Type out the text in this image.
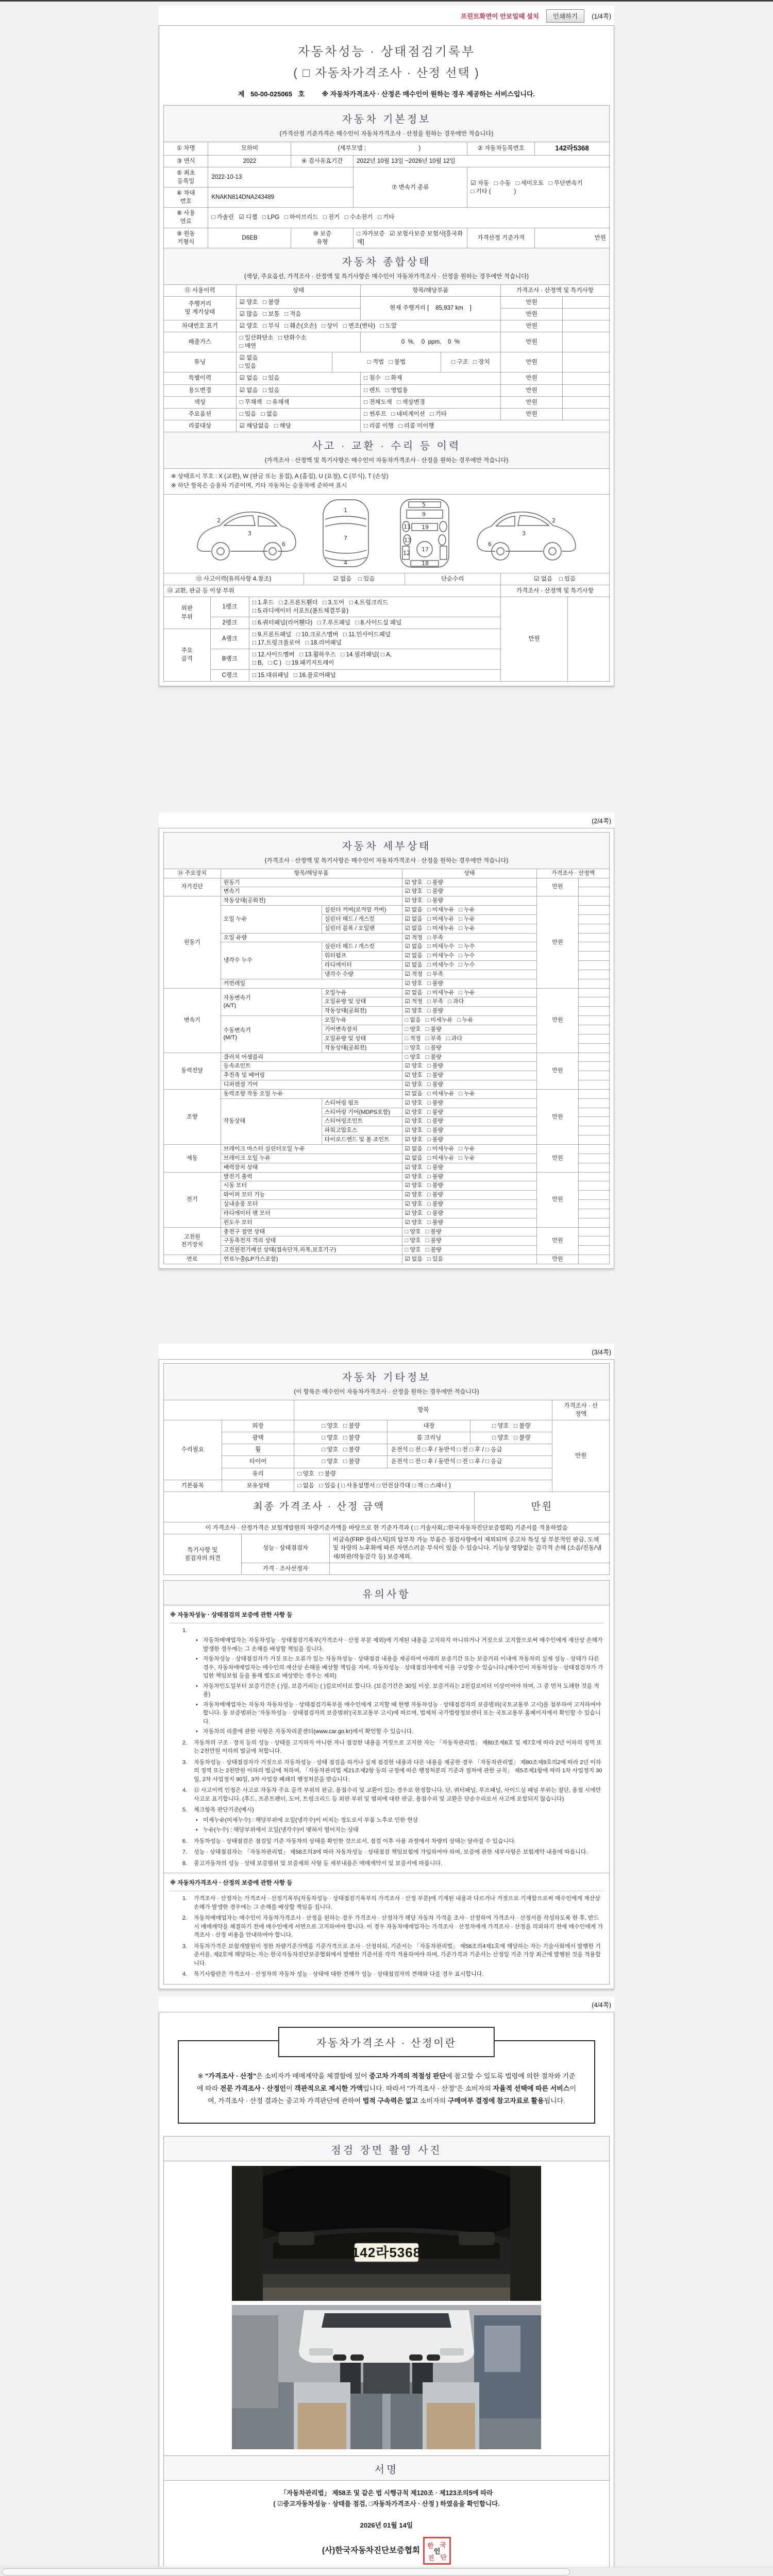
프린트화면이 안보일때 설치	인쇄하기	(1/4쪽)
자동차성능 · 상태점검기록부
( □ 자동차가격조사 · 산정 선택 )
제 50-00-025065 호	※ 자동차가격조사 · 산정은 매수인이 원하는 경우 제공하는 서비스입니다.
자동차 기본정보
(가격산정 기준가격은 매수인이 자동차가격조사 · 산정을 원하는 경우에만 적습니다)
① 차명	모하비	(세부모델 :                                )		② 자동차등록번호	142라5368
③ 연식	2022	④ 검사유효기간	2022년 10월 13일 ~2026년 10월 12일		
⑤ 최초
등록일	2022-10-13		⑦ 변속기 종류	☑ 자동   □ 수동   □ 세미오토   □ 무단변속기
□ 기타 (              )	
⑥ 차대
번호	KNAKN814DNA243489				
⑧ 사용
연료	□ 가솔린   ☑ 디젤   □ LPG   □ 하이브리드   □ 전기   □ 수소전기   □ 기타				
⑨ 원동
기형식	D6EB	⑩ 보증
유형	□ 자가보증   ☑ 보험사보증 보험사[흥국화재]	가격산정 기준가격	만원
자동차 종합상태
(색상, 주요옵션, 가격조사 · 산정액 및 특기사항은 매수인이 자동차가격조사 · 산정을 원하는 경우에만 적습니다)
⑪ 사용이력	상태		항목/해당부품		가격조사 · 산정액 및 특기사항	
주행거리
및 계기상태	☑ 양호   □ 불량		현재 주행거리 [    85,937 km    ]		만원	
	☑ 많음   □ 보통   □ 적음				만원	
차대번호 표기	☑ 양호   □ 부식   □ 훼손(오손)   □ 상이   □ 변조(변타)   □ 도말				만원	
배출가스	□ 일산화탄소   □ 탄화수소
□ 매연		0  %,    0  ppm,    0  %		만원	
튜닝	☑ 없음
□ 있음	□ 적법   □ 불법		□ 구조   □ 장치	만원	
특별이력	☑ 없음   □ 있음		□ 침수   □ 화재		만원	
용도변경	☑ 없음   □ 있음		□ 렌트   □ 영업용		만원	
색상	□ 무채색   □ 유채색		□ 전체도색   □ 색상변경		만원	
주요옵션	□ 있음   □ 없음		□ 썬루프   □ 네비게이션   □ 기타		만원	
리콜대상	☑ 해당없음   □ 해당		□ 리콜 이행   □ 리콜 미이행			
사고 · 교환 · 수리 등 이력
(가격조사 · 산정액 및 특기사항은 매수인이 자동차가격조사 · 산정을 원하는 경우에만 적습니다)
※ 상태표시 부호 : X (교환), W (판금 또는 용접), A (흠집), U (요철), C (부식), T (손상)
※ 하단 항목은 승용차 기준이며, 기타 자동차는 승용차에 준하여 표시
2
3
6
1
7
4
5
9
11 19
13
12
17
18
2
3
6
⑫ 사고이력(유의사항 4.참조)			☑ 없음    □ 있음	단순수리	☑ 없음    □ 있음	
⑬ 교환, 판금 등 이상 부위					가격조사 · 산정액 및 특기사항	
외판
부위	1랭크	□ 1.후드   □ 2.프론트휀더   □ 3.도어   □ 4.트렁크리드
□ 5.라디에이터 서포트(볼트체결부품)			만원	
	2랭크	□ 6.쿼터패널(리어휀다)   □ 7.루프패널   □ 8.사이드실 패널				
주요
골격	A랭크	□ 9.프론트패널   □ 10.크로스멤버   □ 11.인사이드패널
□ 17.트렁크플로어   □ 18.리어패널				
	B랭크	□ 12.사이드멤버   □ 13.휠하우스   □ 14.필러패널( □ A,
□ B,   □ C )   □ 19.패키지트레이				
	C랭크	□ 15.대쉬패널   □ 16.플로어패널				
(2/4쪽)
자동차 세부상태
(가격조사 · 산정액 및 특기사항은 매수인이 자동차가격조사 · 산정을 원하는 경우에만 적습니다)
⑭ 주요장치	항목/해당부품		상태	가격조사 · 산정액	
자기진단	원동기		☑ 양호   □ 불량	만원	
	변속기		☑ 양호   □ 불량		
원동기	작동상태(공회전)		☑ 양호   □ 불량	만원	
	오일 누유	실린더 커버(로커암 커버)	☑ 없음   □ 미세누유   □ 누유		
		실린더 헤드 / 개스킷	☑ 없음   □ 미세누유   □ 누유		
		실린더 블록 / 오일팬	☑ 없음   □ 미세누유   □ 누유		
	오일 유량		☑ 적정   □ 부족		
	냉각수 누수	실린더 헤드 / 개스킷	☑ 없음   □ 미세누수   □ 누수		
		워터펌프	☑ 없음   □ 미세누수   □ 누수		
		라디에이터	☑ 없음   □ 미세누수   □ 누수		
		냉각수 수량	☑ 적정   □ 부족		
	커먼레일		☑ 양호   □ 불량		
변속기	자동변속기
(A/T)	오일누유	☑ 없음   □ 미세누유   □ 누유	만원	
		오일유량 및 상태	☑ 적정   □ 부족   □ 과다		
		작동상태(공회전)	☑ 양호   □ 불량		
	수동변속기
(M/T)	오일누유	□ 없음   □ 미세누유   □ 누유		
		기어변속장치	□ 양호   □ 불량		
		오일유량 및 상태	□ 적정   □ 부족   □ 과다		
		작동상태(공회전)	□ 양호   □ 불량		
동력전달	클러치 어셈블리		□ 양호   □ 불량	만원	
	등속죠인트		☑ 양호   □ 불량		
	추진축 및 베어링		☑ 양호   □ 불량		
	디퍼렌셜 기어		☑ 양호   □ 불량		
조향	동력조향 작동 오일 누유		☑ 없음   □ 미세누유   □ 누유	만원	
	작동상태	스티어링 펌프	☑ 양호   □ 불량		
		스티어링 기어(MDPS포함)	☑ 양호   □ 불량		
		스티어링조인트	☑ 양호   □ 불량		
		파워고압호스	☑ 양호   □ 불량		
		타이로드엔드 및 볼 죠인트	☑ 양호   □ 불량		
제동	브레이크 마스터 실린더오일 누유		☑ 없음   □ 미세누유   □ 누유	만원	
	브레이크 오일 누유		☑ 없음   □ 미세누유   □ 누유		
	배력장치 상태		☑ 양호   □ 불량		
전기	발전기 출력		☑ 양호   □ 불량	만원	
	시동 모터		☑ 양호   □ 불량		
	와이퍼 모터 기능		☑ 양호   □ 불량		
	실내송풍 모터		☑ 양호   □ 불량		
	라디에이터 팬 모터		☑ 양호   □ 불량		
	윈도우 모터		☑ 양호   □ 불량		
고전원
전기장치	충전구 절연 상태		□ 양호   □ 불량	만원	
	구동축전지 격리 상태		□ 양호   □ 불량		
	고전원전기배선 상태(접속단자,피복,보호기구)		□ 양호   □ 불량		
연료	연료누출(LP가스포함)		☑ 없음   □ 있음	만원	
(3/4쪽)
자동차 기타정보
(이 항목은 매수인이 자동차가격조사 · 산정을 원하는 경우에만 적습니다)
		항목			가격조사 · 산
정액
수리필요	외장	□ 양호   □ 불량	내장	□ 양호   □ 불량	만원
	광택	□ 양호   □ 불량	룸 크리닝	□ 양호   □ 불량	
	휠	□ 양호   □ 불량	운전석 □ 전 □ 후 / 동반석 □ 전 □ 후 / □ 응급		
	타이어	□ 양호   □ 불량	운전석 □ 전 □ 후 / 동반석 □ 전 □ 후 / □ 응급		
	유리	□ 양호   □ 불량			
기본품목	보유상태	□ 없음   □ 있음 ( □ 사용설명서 □ 안전삼각대 □ 잭 □ 스패너 )			
최종 가격조사 · 산정 금액	만원
이 가격조사 · 산정가격은 보험개발원의 차량기준가액을 바탕으로 한 기준가격과 ( □ 기술사회,□한국자동차진단보증협회) 기준서를 적용하였음
특기사항 및
점검자의 의견	성능 · 상태점검자	비금속(FRP 플라스틱)의 탈부착 가능 부품은 점검사항에서 제외되며 중고차 특성 상 부분적인 판금, 도색 및 차량의 노후화에 따른 자연스러운 부식이 있을 수 있습니다. 기능상 영향없는 감각적 손해 (소음/진동/냄새/외관/작동감각 등) 보증제외.
	가격 · 조사산정자	
유의사항
※ 자동차성능 · 상태점검의 보증에 관한 사항 등
1.
• 자동차매매업자는 자동차성능 · 상태점검기록부(가격조사 · 산정 부분 제외)에 기재된 내용을 고지하지 아니하거나 거짓으로 고지함으로써 매수인에게 재산상 손해가 발생한 경우에는 그 손해를 배상할 책임을 집니다.
• 자동차성능 · 상태점검자가 거짓 또는 오류가 있는 자동차성능 · 상태점검 내용을 제공하여 아래의 보증기간 또는 보증거리 이내에 자동차의 실제 성능 · 상태가 다른 경우, 자동차매매업자는 매수인의 재산상 손해를 배상할 책임을 지며, 자동차성능 · 상태점검자에게 이를 구상할 수 있습니다.(매수인이 자동차성능 · 상태점검자가 가입한 책임보험 등을 통해 별도로 배상받는 경우는 제외)
• 자동차인도일부터 보증기간은 ( )일, 보증거리는 ( )킬로미터로 합니다. (보증기간은 30일 이상, 보증거리는 2천킬로미터 이상이어야 하며, 그 중 먼저 도래한 것을 적용)
• 자동차매매업자는 자동차 자동차성능 · 상태점검기록부를 매수인에게 고지할 때 현행 자동차성능 · 상태점검자의 보증범위(국토교통부 고시)를 첨부하여 고지하여야 합니다. 동 보증범위는 '자동차성능 · 상태점검자의 보증범위'(국토교통부 고시)에 따르며, 법제처 국가법령정보센터 또는 국토교통부 홈페이지에서 확인할 수 있습니다.
• 자동차의 리콜에 관한 사항은 자동차리콜센터(www.car.go.kr)에서 확인할 수 있습니다.
2.	자동차의 구조 · 장치 등의 성능 · 상태를 고지하지 아니한 자나 점검한 내용을 거짓으로 고지한 자는 「자동차관리법」 제80조제6호 및 제7호에 따라 2년 이하의 징역 또는 2천만원 이하의 벌금에 처합니다.
3.	자동차성능 · 상태점검자가 거짓으로 자동차성능 · 상태 점검을 하거나 실제 점검한 내용과 다른 내용을 제공한 경우 「자동차관리법」 제80조제9호의2에 따라 2년 이하의 징역 또는 2천만원 이하의 벌금에 처하며, 「자동차관리법 제21조제2항 등의 규정에 따른 행정처분의 기준과 절차에 관한 규칙」 제5조제1항에 따라 1차 사업정지 30일, 2차 사업정지 90일, 3차 사업장 폐쇄의 행정처분을 받습니다.
4.	⑫ 사고이력 인정은 사고로 자동차 주요 골격 부위의 판금, 용접수리 및 교환이 있는 경우로 한정합니다. 단, 쿼터패널, 루프패널, 사이드실 패널 부위는 절단, 용접 시에만 사고로 표기합니다. (후드, 프론트펜더, 도어, 트렁크리드 등 외판 부위 및 범퍼에 대한 판금, 용접수리 및 교환은 단순수리로서 사고에 포함되지 않습니다)
5.	체크항목 판단기준(예시)
• 미세누유(미세누수) : 해당부위에 오일(냉각수)이 비치는 정도로서 부품 노후로 인한 현상
• 누유(누수) : 해당부위에서 오일(냉각수)이 맺혀서 떨어지는 상태
6.	자동차성능 · 상태점검은 점검일 기준 자동차의 상태를 확인한 것으로서, 점검 이후 사용 과정에서 차량의 상태는 달라질 수 있습니다.
7.	성능 · 상태점검자는 「자동차관리법」 제58조의3에 따라 자동차성능 · 상태점검 책임보험에 가입하여야 하며, 보증에 관한 세부사항은 보험계약 내용에 따릅니다.
8.	중고자동차의 성능 · 상태 보증범위 및 보증제외 사항 등 세부내용은 매매계약서 및 보증서에 따릅니다.
※ 자동차가격조사 · 산정의 보증에 관한 사항 등
1.	가격조사 · 산정자는 가격조사 · 산정기록부(자동차성능 · 상태점검기록부의 가격조사 · 산정 부분)에 기재된 내용과 다르거나 거짓으로 기재함으로써 매수인에게 재산상 손해가 발생한 경우에는 그 손해를 배상할 책임을 집니다.
2.	자동차매매업자는 매수인이 자동차가격조사 · 산정을 원하는 경우 가격조사 · 산정자가 해당 자동차 가격을 조사 · 산정하여 가격조사 · 산정서를 작성하도록 한 후, 반드시 매매계약을 체결하기 전에 매수인에게 서면으로 고지하여야 합니다. 이 경우 자동차매매업자는 가격조사 · 산정자에게 가격조사 · 산정을 의뢰하기 전에 매수인에게 가격조사 · 산정 비용을 안내하여야 합니다.
3.	자동차가격은 보험개발원이 정한 차량기준가액을 기준가격으로 조사 · 산정하되, 기준서는 「자동차관리법」 제58조의4제1호에 해당하는 자는 기술사회에서 발행한 기준서를, 제2호에 해당하는 자는 한국자동차진단보증협회에서 발행한 기준서를 각각 적용하여야 하며, 기준가격과 기준서는 산정일 기준 가장 최근에 발행된 것을 적용합니다.
4.	특기사항란은 가격조사 · 산정자의 자동차 성능 · 상태에 대한 견해가 성능 · 상태점검자의 견해와 다를 경우 표시합니다.
(4/4쪽)
자동차가격조사 · 산정이란
※ "가격조사 · 산정"은 소비자가 매매계약을 체결함에 있어 중고차 가격의 적절성 판단에 참고할 수 있도록 법령에 의한 절차와 기준에 따라 전문 가격조사 · 산정인이 객관적으로 제시한 가액입니다. 따라서 "가격조사 · 산정"은 소비자의 자율적 선택에 따른 서비스이며, 가격조사 · 산정 결과는 중고차 가격판단에 관하여 법적 구속력은 없고 소비자의 구매여부 결정에 참고자료로 활용됩니다.
점검 장면 촬영 사진
142라5368
서명
「자동차관리법」 제58조 및 같은 법 시행규칙 제120조 · 제123조의5에 따라
( ☑중고자동차성능 · 상태를 점검, □자동차가격조사 · 산정 ) 하였음을 확인합니다.
2026년 01월 14일
(사)한국자동차진단보증협회 인
한 국
진 단
